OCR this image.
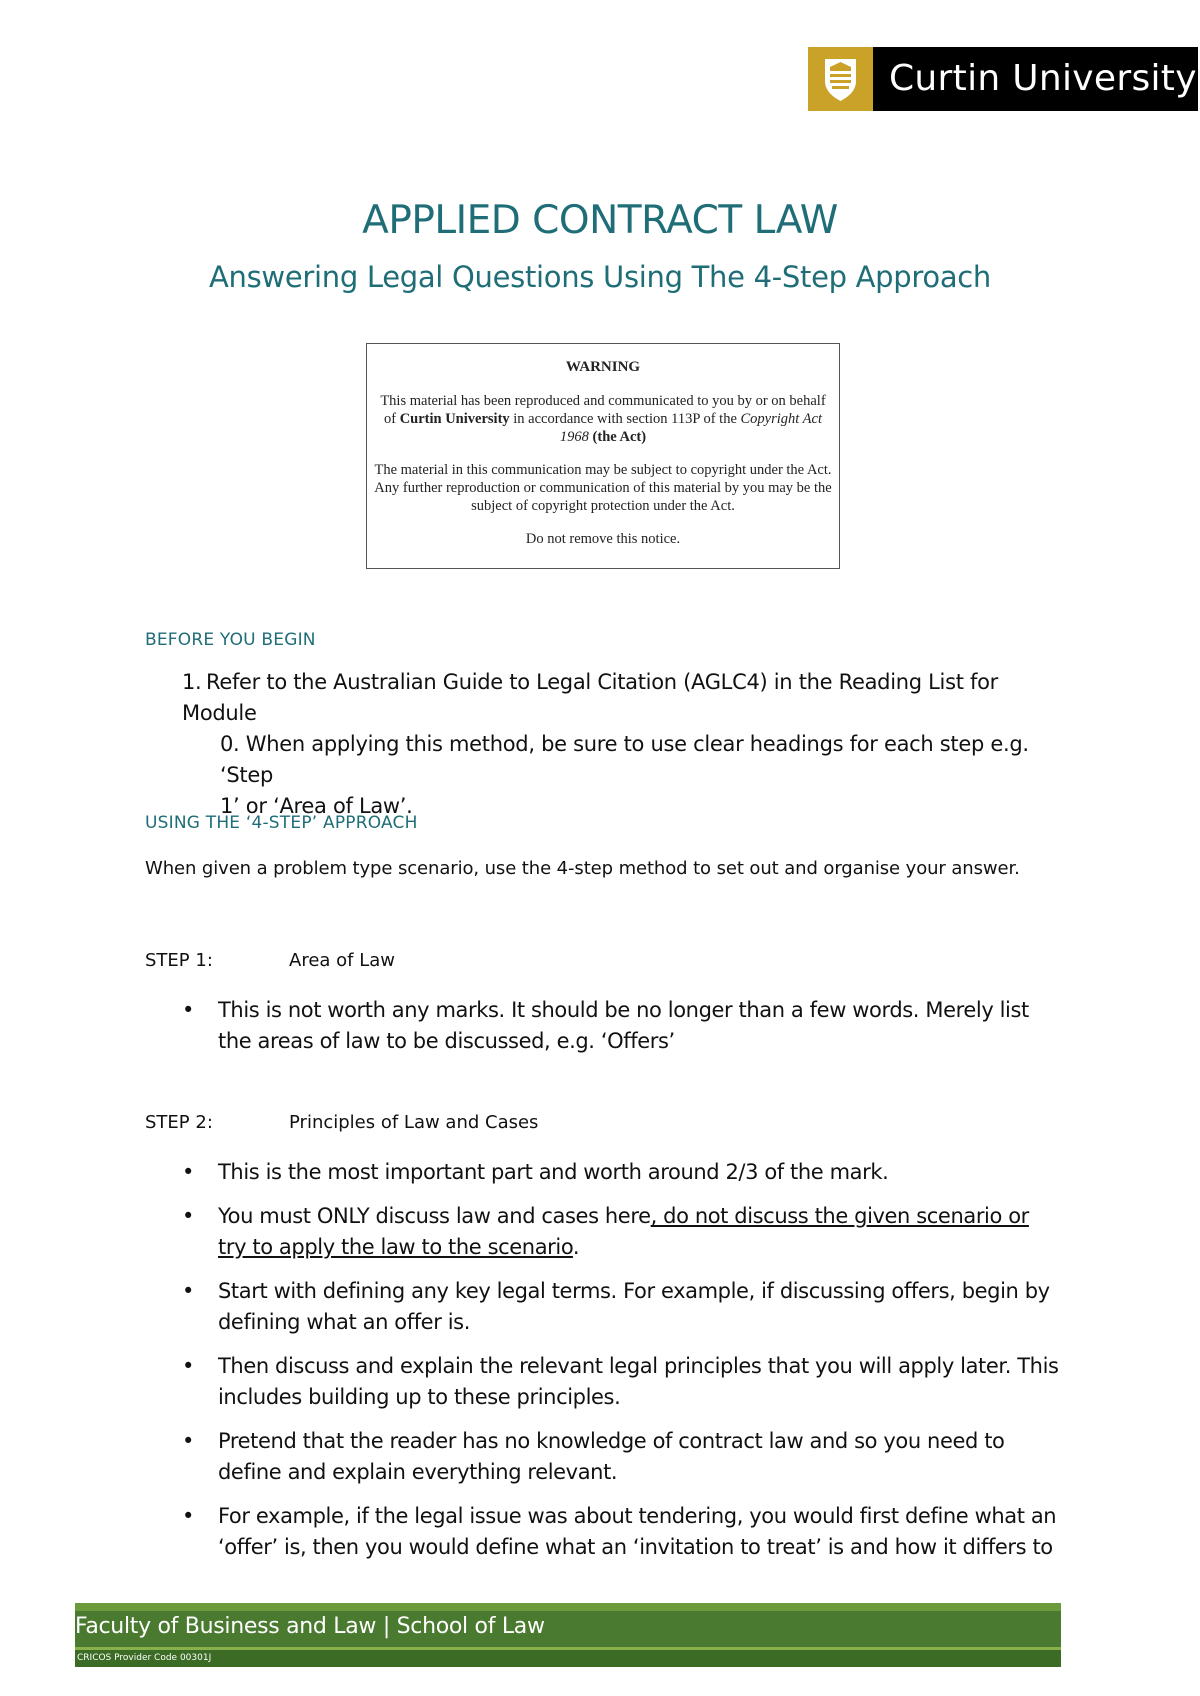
Curtin University
APPLIED CONTRACT LAW
Answering Legal Questions Using The 4-Step Approach

WARNING

This material has been reproduced and communicated to you by or on behalf of Curtin University in accordance with section 113P of the Copyright Act 1968 (the Act)

The material in this communication may be subject to copyright under the Act. Any further reproduction or communication of this material by you may be the subject of copyright protection under the Act.

Do not remove this notice.

BEFORE YOU BEGIN
1. Refer to the Australian Guide to Legal Citation (AGLC4) in the Reading List for Module
0. When applying this method, be sure to use clear headings for each step e.g. ‘Step
1’ or ‘Area of Law’.
USING THE ‘4-STEP’ APPROACH
When given a problem type scenario, use the 4-step method to set out and organise your answer.
STEP 1:	Area of Law
• This is not worth any marks. It should be no longer than a few words. Merely list the areas of law to be discussed, e.g. ‘Offers’
STEP 2:	Principles of Law and Cases
• This is the most important part and worth around 2/3 of the mark.
• You must ONLY discuss law and cases here, do not discuss the given scenario or try to apply the law to the scenario.
• Start with defining any key legal terms. For example, if discussing offers, begin by defining what an offer is.
• Then discuss and explain the relevant legal principles that you will apply later. This includes building up to these principles.
• Pretend that the reader has no knowledge of contract law and so you need to define and explain everything relevant.
• For example, if the legal issue was about tendering, you would first define what an ‘offer’ is, then you would define what an ‘invitation to treat’ is and how it differs to
Faculty of Business and Law | School of Law
CRICOS Provider Code 00301J
